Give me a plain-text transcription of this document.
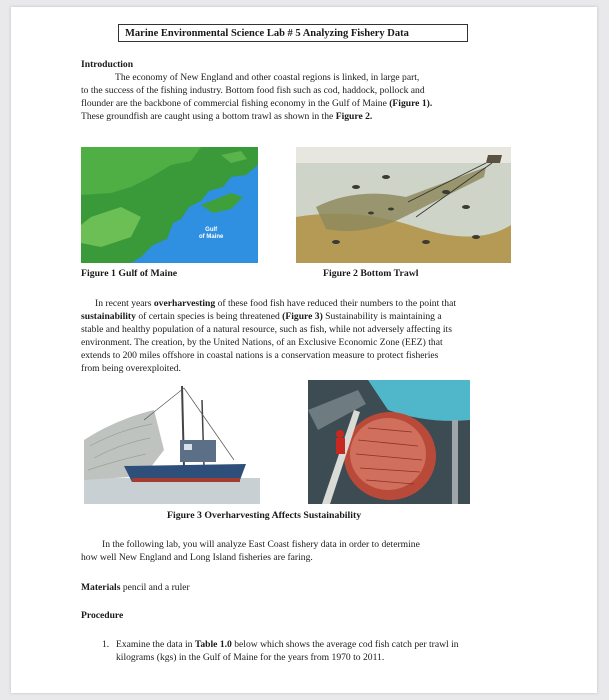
Marine Environmental Science Lab # 5 Analyzing Fishery Data
Introduction
The economy of New England and other coastal regions is linked, in large part,
to the success of the fishing industry. Bottom food fish such as cod, haddock, pollock and
flounder are the backbone of commercial fishing economy in the Gulf of Maine (Figure 1).
These groundfish are caught using a bottom trawl as shown in the Figure 2.
Gulf
of Maine
Figure 1 Gulf of Maine	Figure 2 Bottom Trawl
In recent years overharvesting of these food fish have reduced their numbers to the point that
sustainability of certain species is being threatened (Figure 3) Sustainability is maintaining a
stable and healthy population of a natural resource, such as fish, while not adversely affecting its
environment. The creation, by the United Nations, of an Exclusive Economic Zone (EEZ) that
extends to 200 miles offshore in coastal nations is a conservation measure to protect fisheries
from being overexploited.
Figure 3 Overharvesting Affects Sustainability
In the following lab, you will analyze East Coast fishery data in order to determine
how well New England and Long Island fisheries are faring.
Materials pencil and a ruler
Procedure
1. Examine the data in Table 1.0 below which shows the average cod fish catch per trawl in
kilograms (kgs) in the Gulf of Maine for the years from 1970 to 2011.
